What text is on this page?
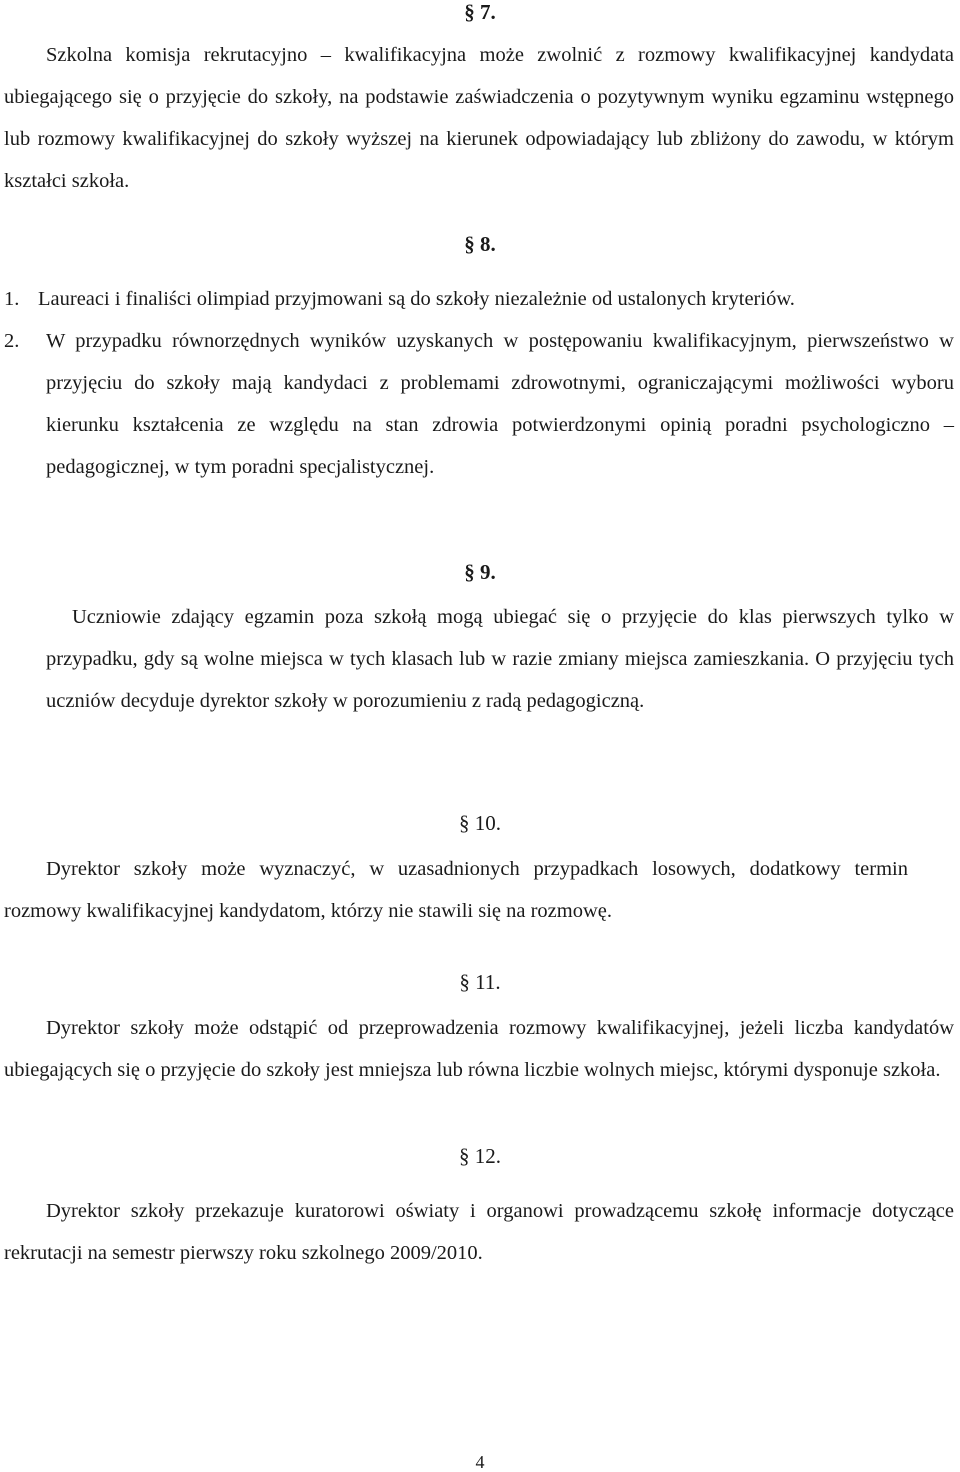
§ 7.

Szkolna komisja rekrutacyjno – kwalifikacyjna może zwolnić z rozmowy kwalifikacyjnej kandydata ubiegającego się o przyjęcie do szkoły, na podstawie zaświadczenia o pozytywnym wyniku egzaminu wstępnego lub rozmowy kwalifikacyjnej do szkoły wyższej na kierunek odpowiadający lub zbliżony do zawodu, w którym kształci szkoła.

§ 8.
1. Laureaci i finaliści olimpiad przyjmowani są do szkoły niezależnie od ustalonych kryteriów.
2. W przypadku równorzędnych wyników uzyskanych w postępowaniu kwalifikacyjnym, pierwszeństwo w przyjęciu do szkoły mają kandydaci z problemami zdrowotnymi, ograniczającymi możliwości wyboru kierunku kształcenia ze względu na stan zdrowia potwierdzonymi opinią poradni psychologiczno – pedagogicznej, w tym poradni specjalistycznej.
§ 9.

Uczniowie zdający egzamin poza szkołą mogą ubiegać się o przyjęcie do klas pierwszych tylko w przypadku, gdy są wolne miejsca w tych klasach lub w razie zmiany miejsca zamieszkania. O przyjęciu tych uczniów decyduje dyrektor szkoły w porozumieniu z radą pedagogiczną.

§ 10.

Dyrektor szkoły może wyznaczyć, w uzasadnionych przypadkach losowych, dodatkowy termin rozmowy kwalifikacyjnej kandydatom, którzy nie stawili się na rozmowę.

§ 11.

Dyrektor szkoły może odstąpić od przeprowadzenia rozmowy kwalifikacyjnej, jeżeli liczba kandydatów ubiegających się o przyjęcie do szkoły jest mniejsza lub równa liczbie wolnych miejsc, którymi dysponuje szkoła.

§ 12.

Dyrektor szkoły przekazuje kuratorowi oświaty i organowi prowadzącemu szkołę informacje dotyczące rekrutacji na semestr pierwszy roku szkolnego 2009/2010.

4
